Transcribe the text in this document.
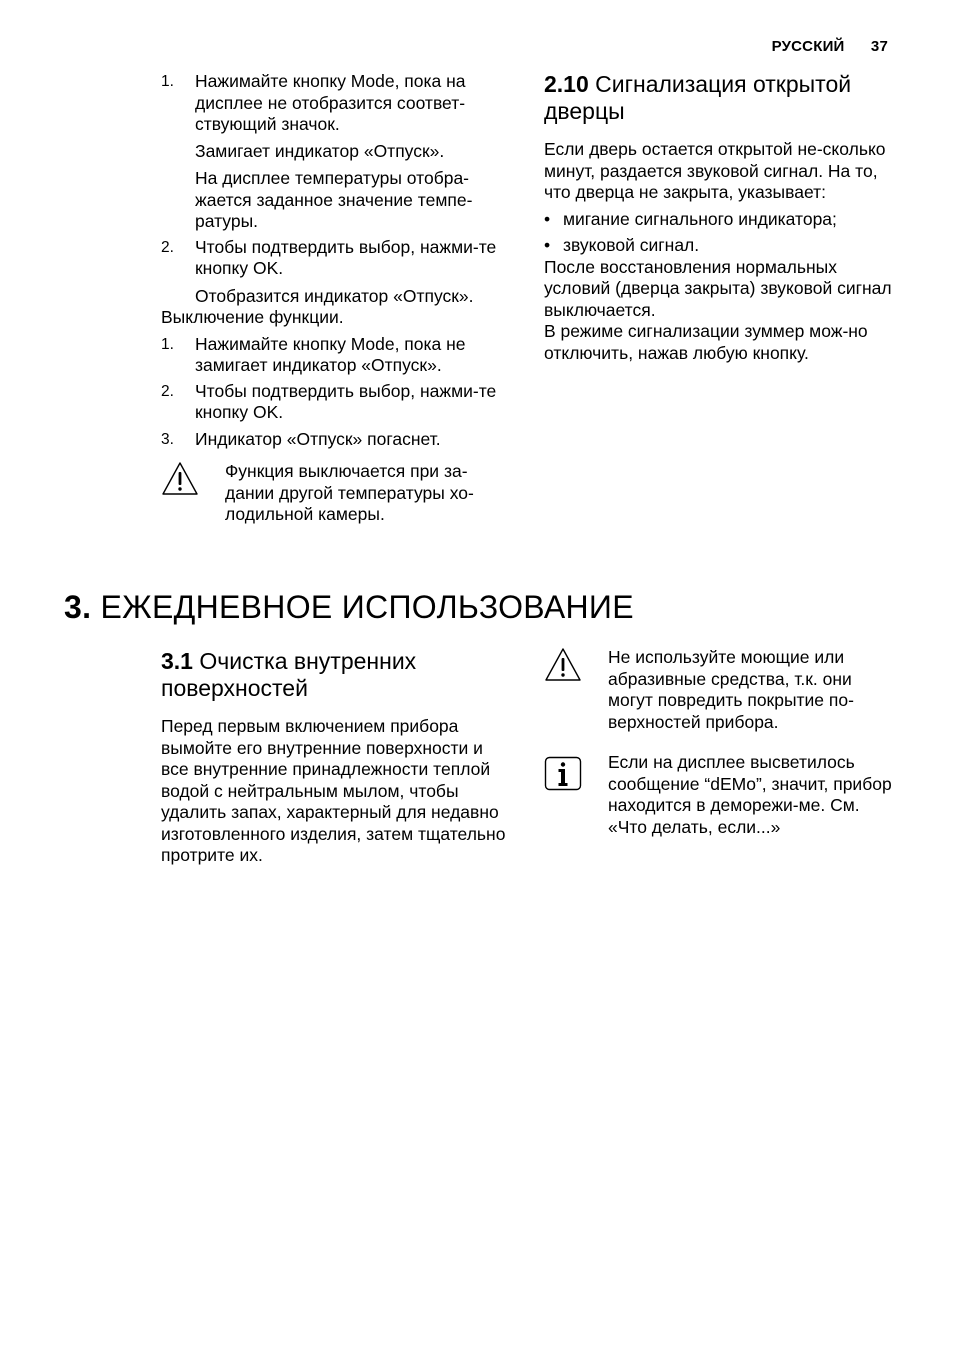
РУССКИЙ 37
1.	Нажимайте кнопку Mode, пока на дисплее не отобразится соответ-ствующий значок.

Замигает индикатор «Отпуск».

На дисплее температуры отобра-жается заданное значение темпе-ратуры.

2.	Чтобы подтвердить выбор, нажми-те кнопку OK.

Отобразится индикатор «Отпуск».

Выключение функции.

1.	Нажимайте кнопку Mode, пока не замигает индикатор «Отпуск».
2.	Чтобы подтвердить выбор, нажми-те кнопку OK.
3.	Индикатор «Отпуск» погаснет.
Функция выключается при за-дании другой температуры хо-лодильной камеры.
2.10 Сигнализация открытой дверцы

Если дверь остается открытой не-сколько минут, раздается звуковой сигнал. На то, что дверца не закрыта, указывает:

• мигание сигнального индикатора;
• звуковой сигнал.

После восстановления нормальных условий (дверца закрыта) звуковой сигнал выключается.

В режиме сигнализации зуммер мож-но отключить, нажав любую кнопку.

3. ЕЖЕДНЕВНОЕ ИСПОЛЬЗОВАНИЕ
3.1 Очистка внутренних поверхностей

Перед первым включением прибора вымойте его внутренние поверхности и все внутренние принадлежности теплой водой с нейтральным мылом, чтобы удалить запах, характерный для недавно изготовленного изделия, затем тщательно протрите их.

Не используйте моющие или абразивные средства, т.к. они могут повредить покрытие по-верхностей прибора.
Если на дисплее высветилось сообщение “dEMo”, значит, прибор находится в деморежи-ме. См. «Что делать, если...»
